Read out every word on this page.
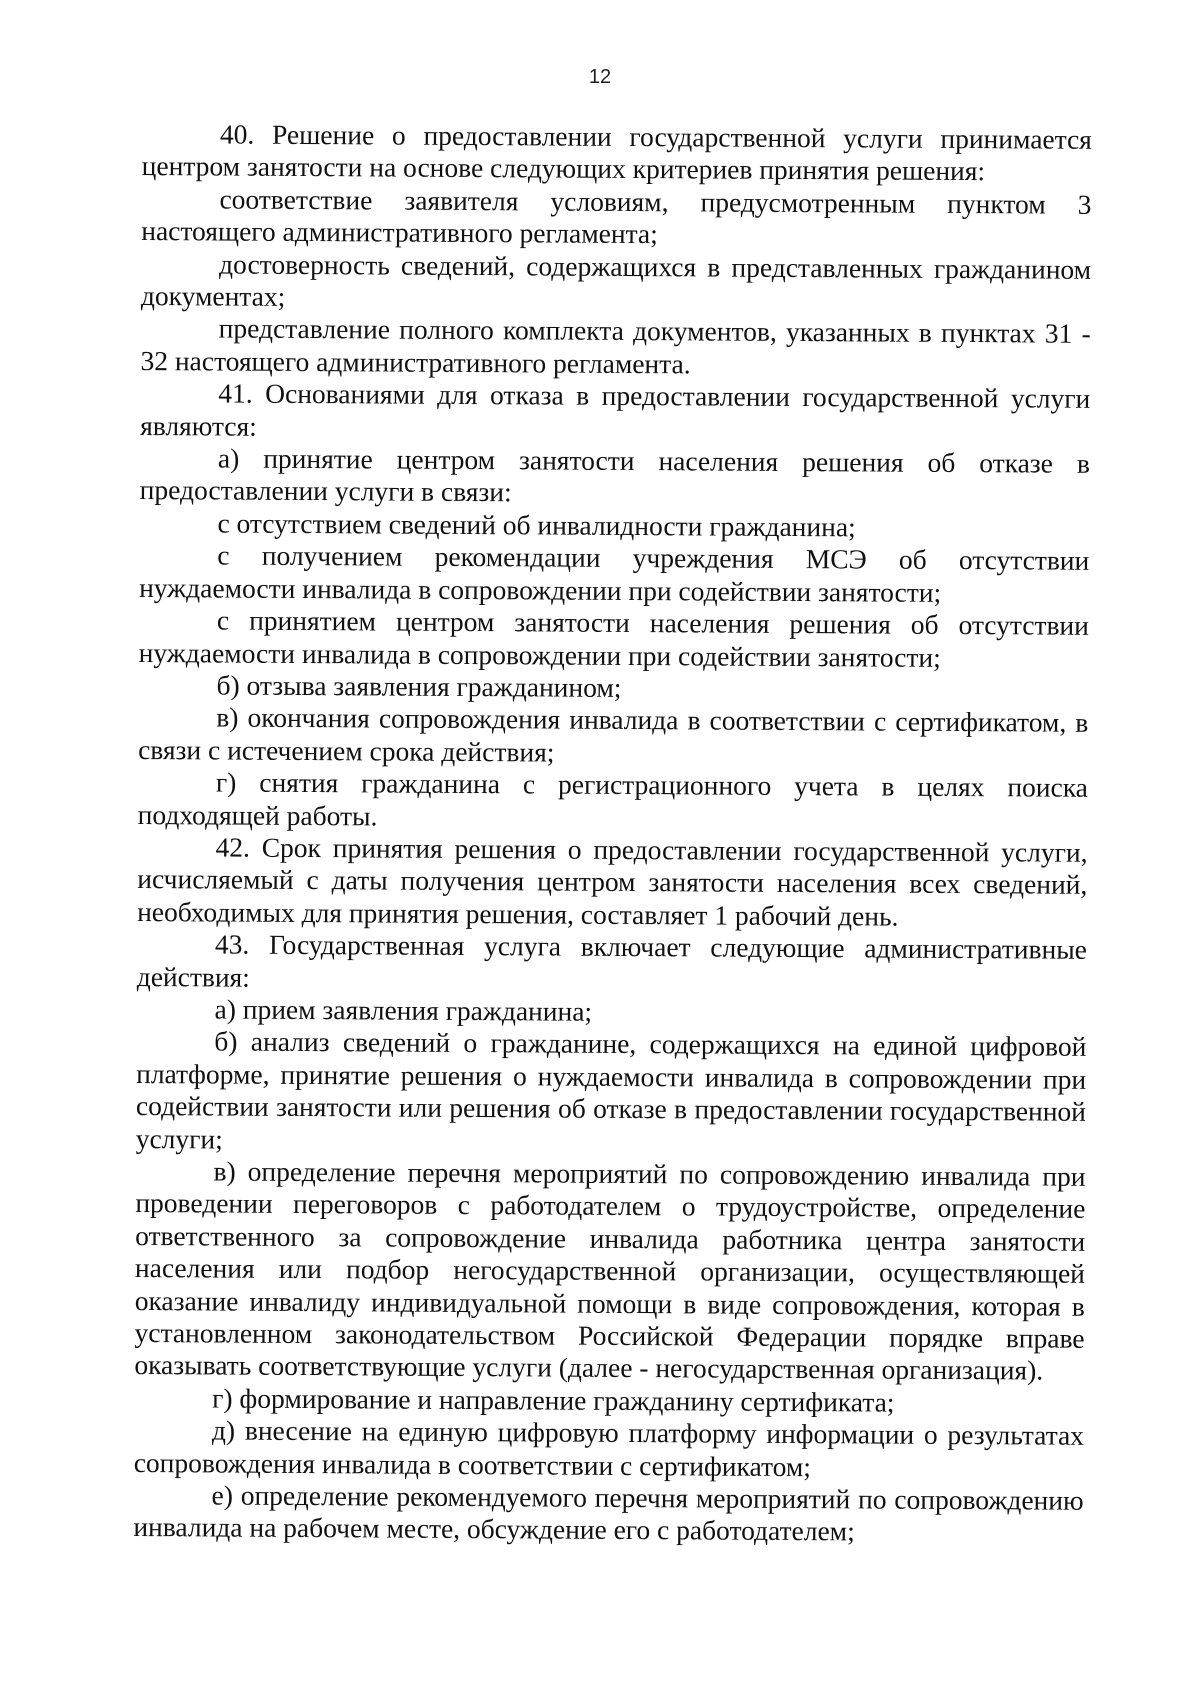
12

40. Решение о предоставлении государственной услуги принимается центром занятости на основе следующих критериев принятия решения:

соответствие заявителя условиям, предусмотренным пунктом 3 настоящего административного регламента;

достоверность сведений, содержащихся в представленных гражданином документах;

представление полного комплекта документов, указанных в пунктах 31 - 32 настоящего административного регламента.

41. Основаниями для отказа в предоставлении государственной услуги являются:

а) принятие центром занятости населения решения об отказе в предоставлении услуги в связи:

с отсутствием сведений об инвалидности гражданина;

с получением рекомендации учреждения МСЭ об отсутствии нуждаемости инвалида в сопровождении при содействии занятости;

с принятием центром занятости населения решения об отсутствии нуждаемости инвалида в сопровождении при содействии занятости;

б) отзыва заявления гражданином;

в) окончания сопровождения инвалида в соответствии с сертификатом, в связи с истечением срока действия;

г) снятия гражданина с регистрационного учета в целях поиска подходящей работы.

42. Срок принятия решения о предоставлении государственной услуги, исчисляемый с даты получения центром занятости населения всех сведений, необходимых для принятия решения, составляет 1 рабочий день.

43. Государственная услуга включает следующие административные действия:

а) прием заявления гражданина;

б) анализ сведений о гражданине, содержащихся на единой цифровой платформе, принятие решения о нуждаемости инвалида в сопровождении при содействии занятости или решения об отказе в предоставлении государственной услуги;

в) определение перечня мероприятий по сопровождению инвалида при проведении переговоров с работодателем о трудоустройстве, определение ответственного за сопровождение инвалида работника центра занятости населения или подбор негосударственной организации, осуществляющей оказание инвалиду индивидуальной помощи в виде сопровождения, которая в установленном законодательством Российской Федерации порядке вправе оказывать соответствующие услуги (далее - негосударственная организация).

г) формирование и направление гражданину сертификата;

д) внесение на единую цифровую платформу информации о результатах сопровождения инвалида в соответствии с сертификатом;

е) определение рекомендуемого перечня мероприятий по сопровождению инвалида на рабочем месте, обсуждение его с работодателем;
